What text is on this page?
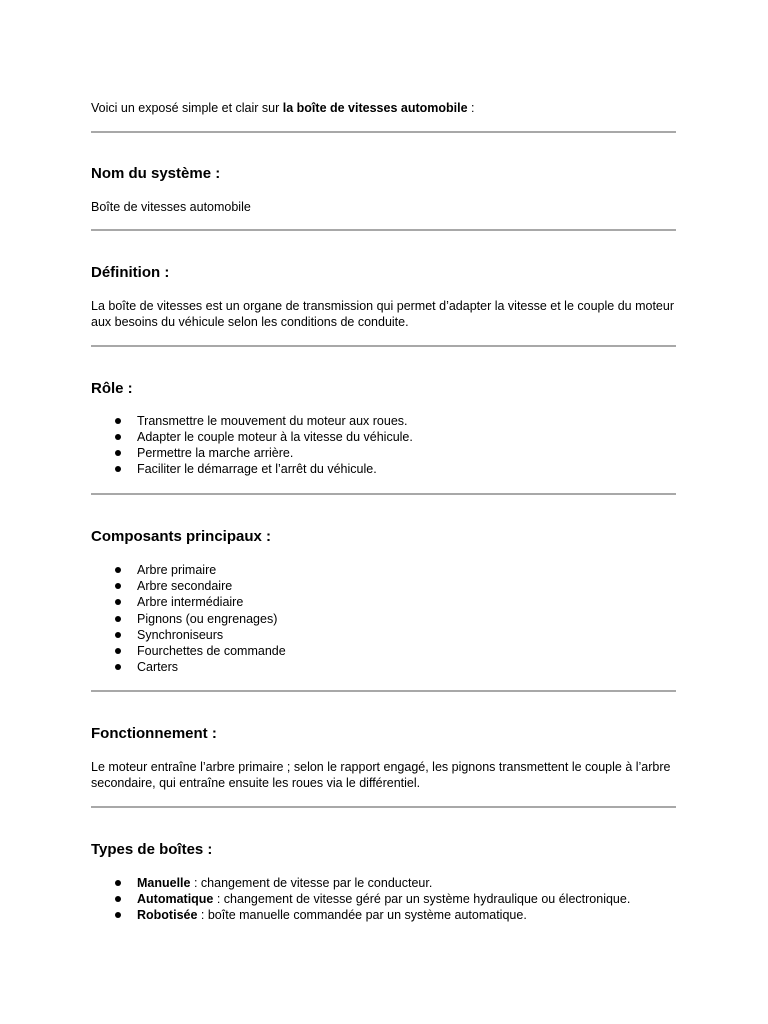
Voici un exposé simple et clair sur la boîte de vitesses automobile :

Nom du système :

Boîte de vitesses automobile

Définition :

La boîte de vitesses est un organe de transmission qui permet d’adapter la vitesse et le couple du moteur aux besoins du véhicule selon les conditions de conduite.

Rôle :
Transmettre le mouvement du moteur aux roues.
Adapter le couple moteur à la vitesse du véhicule.
Permettre la marche arrière.
Faciliter le démarrage et l’arrêt du véhicule.
Composants principaux :
Arbre primaire
Arbre secondaire
Arbre intermédiaire
Pignons (ou engrenages)
Synchroniseurs
Fourchettes de commande
Carters
Fonctionnement :

Le moteur entraîne l’arbre primaire ; selon le rapport engagé, les pignons transmettent le couple à l’arbre secondaire, qui entraîne ensuite les roues via le différentiel.

Types de boîtes :
Manuelle : changement de vitesse par le conducteur.
Automatique : changement de vitesse géré par un système hydraulique ou électronique.
Robotisée : boîte manuelle commandée par un système automatique.
